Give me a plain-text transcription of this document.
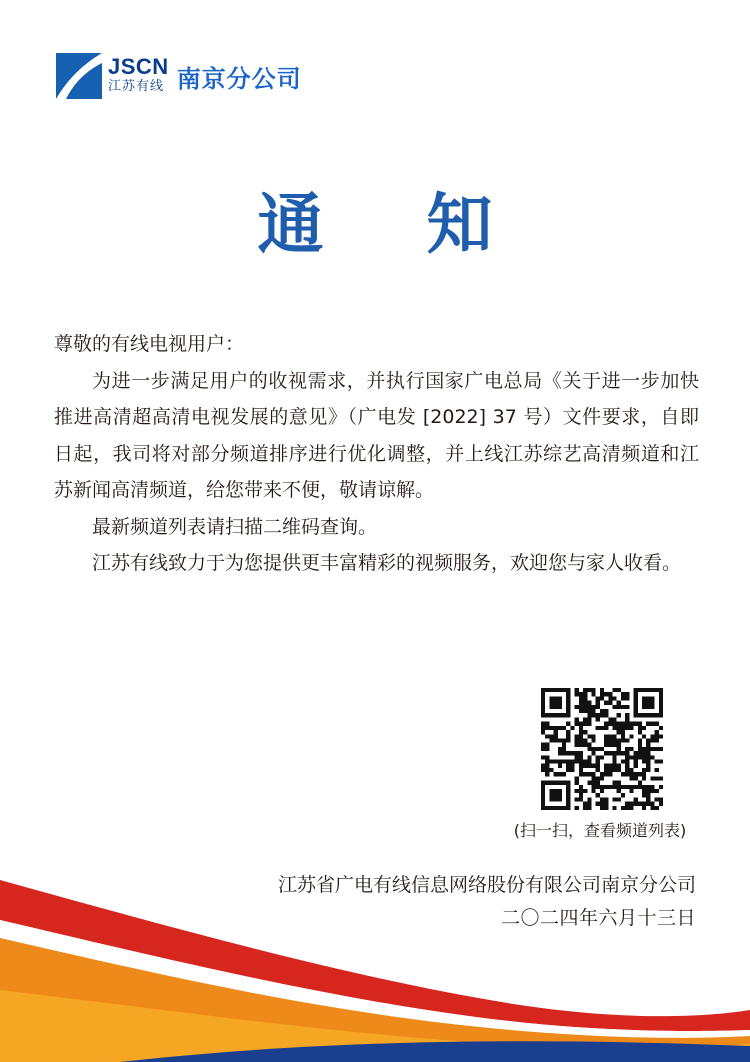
JSCN
江苏有线 南京分公司
通 知

尊敬的有线电视用户：

为进一步满足用户的收视需求，并执行国家广电总局《关于进一步加快推进高清超高清电视发展的意见》（广电发 [2022] 37 号）文件要求，自即日起，我司将对部分频道排序进行优化调整，并上线江苏综艺高清频道和江苏新闻高清频道，给您带来不便，敬请谅解。

最新频道列表请扫描二维码查询。

江苏有线致力于为您提供更丰富精彩的视频服务，欢迎您与家人收看。

(扫一扫，查看频道列表)
江苏省广电有线信息网络股份有限公司南京分公司
二〇二四年六月十三日
